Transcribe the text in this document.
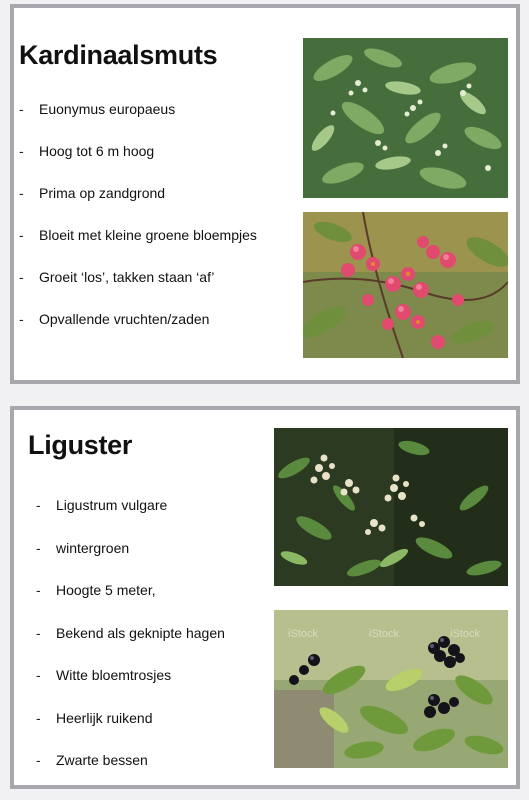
Kardinaalsmuts
-	Euonymus europaeus
-	Hoog tot 6 m hoog
-	Prima op zandgrond
-	Bloeit met kleine groene bloempjes
-	Groeit ‘los’, takken staan ‘af’
-	Opvallende vruchten/zaden
Liguster
-	Ligustrum vulgare
-	wintergroen
-	Hoogte 5 meter,
-	Bekend als geknipte hagen
-	Witte bloemtrosjes
-	Heerlijk ruikend
-	Zwarte bessen
iStock	iStock	iStock
